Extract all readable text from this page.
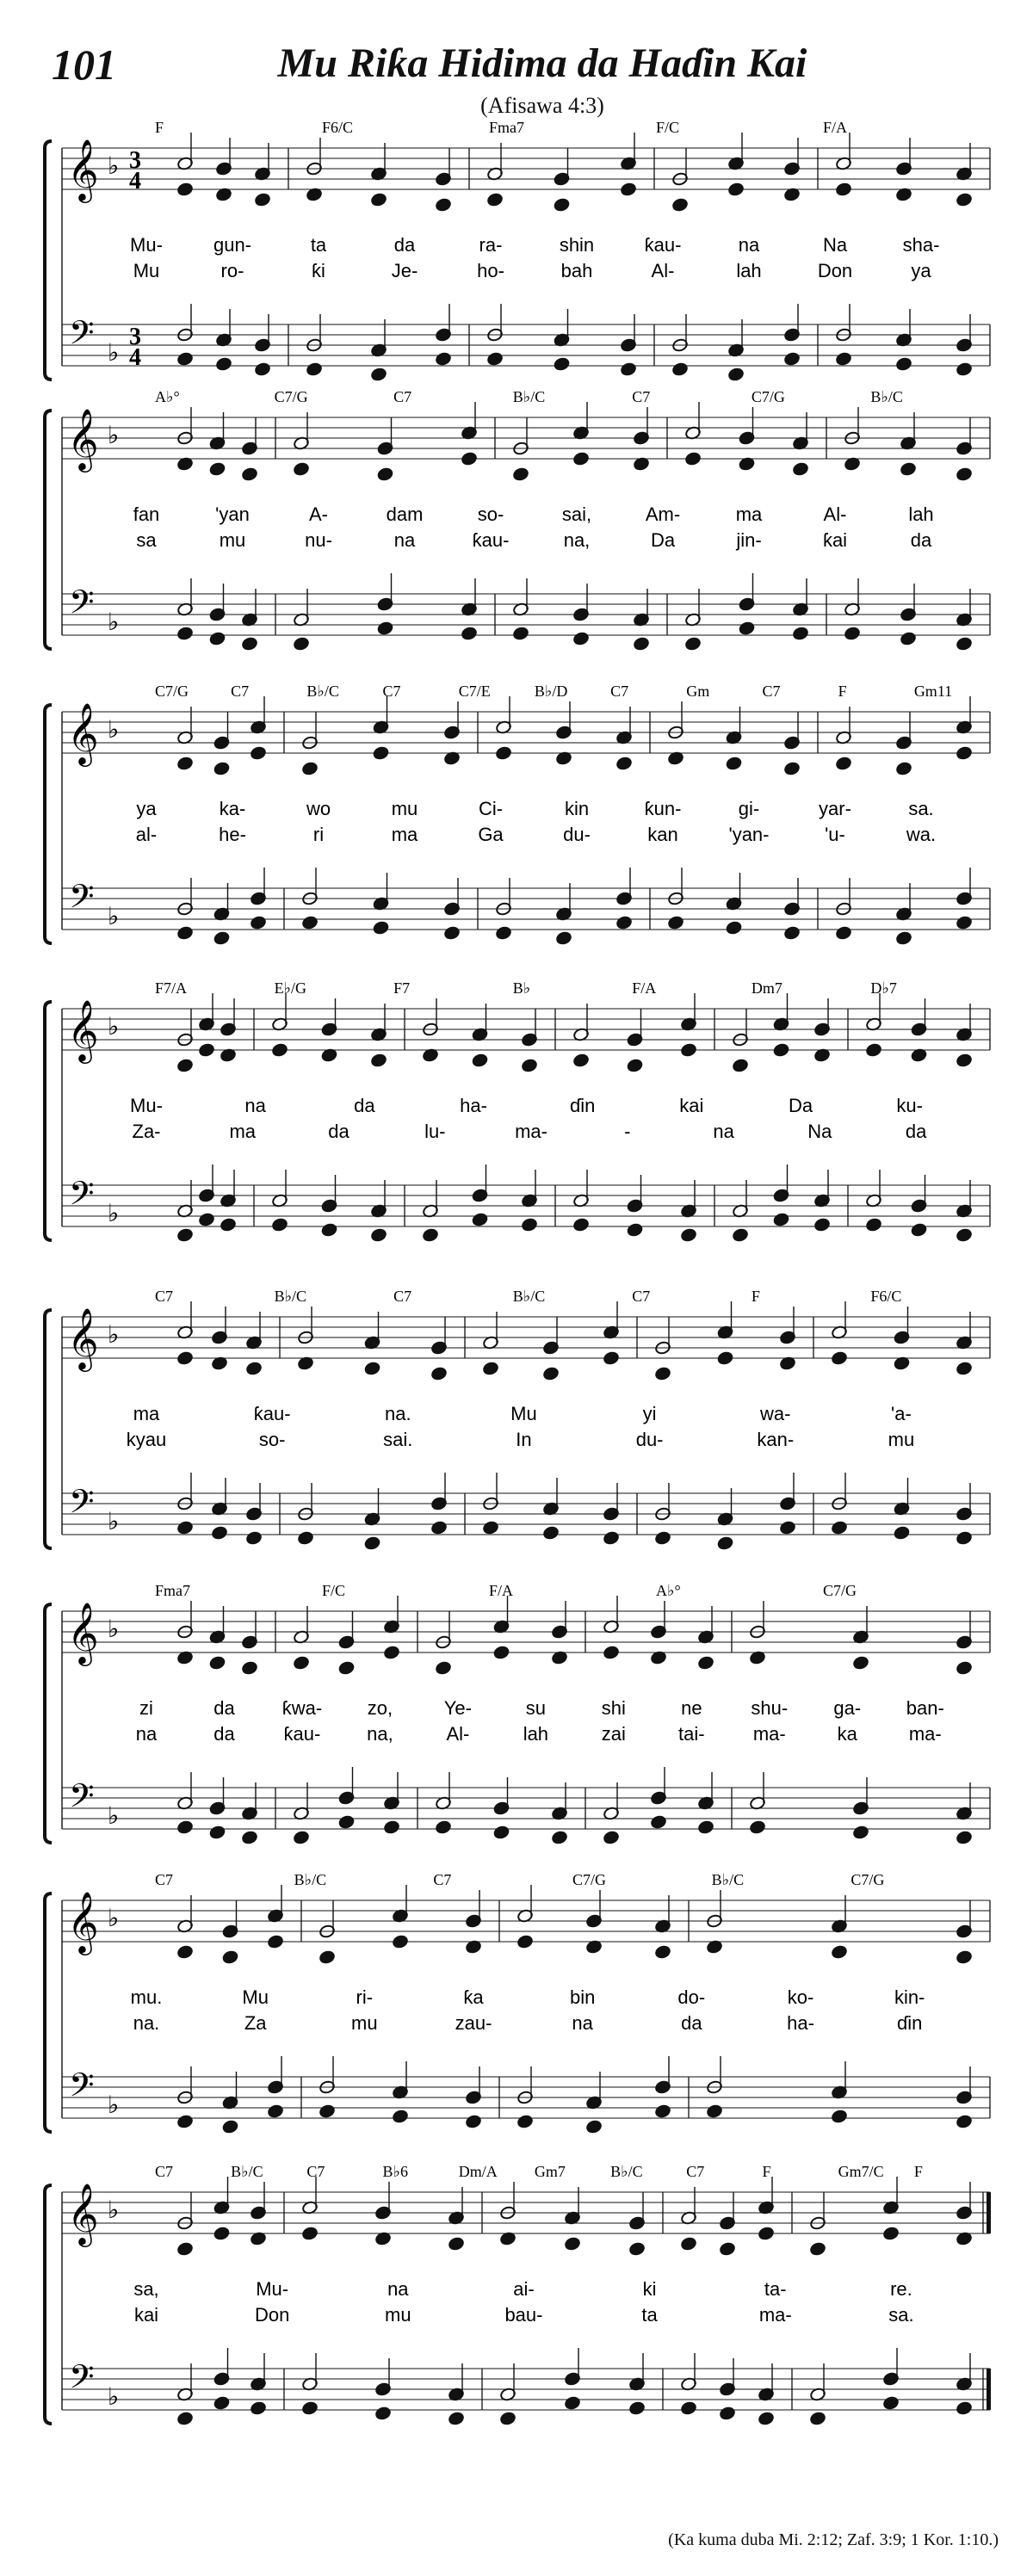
101	Mu Riƙa Hidima da Haɗin Kai
(Afisawa 4:3)
𝄞 ♭ 3
4
𝄢 ♭
3
4
F	F6/C	Fma7	F/C	F/A
Mu-	gun-	ta	da	ra-	shin	ƙau-	na	Na	sha-
Mu	ro-	ƙi	Je-	ho-	bah	Al-	lah	Don	ya
𝄞 ♭
𝄢 ♭
A♭°	C7/G	C7	B♭/C	C7	C7/G	B♭/C
fan	'yan	A-	dam	so-	sai,	Am-	ma	Al-	lah
sa	mu	nu-	na	ƙau-	na,	Da	jin-	ƙai	da
𝄞 ♭
𝄢 ♭
C7/G	C7	B♭/C	C7	C7/E	B♭/D	C7	Gm	C7	F	Gm11
ya	ka-	wo	mu	Ci-	kin	ƙun-	gi-	yar-	sa.
al-	he-	ri	ma	Ga	du-	kan	'yan-	'u-	wa.
𝄞 ♭
𝄢 ♭
F7/A	E♭/G	F7	B♭	F/A	Dm7	D♭7
Mu-	na	da	ha-	ɗin	kai	Da	ku-
Za-	ma	da	lu-	ma-	-	na	Na	da
𝄞 ♭
𝄢 ♭
C7	B♭/C	C7	B♭/C	C7	F	F6/C
ma	ƙau-	na.	Mu	yi	wa-	'a-
kyau	so-	sai.	In	du-	kan-	mu
𝄞 ♭
𝄢 ♭
Fma7	F/C	F/A	A♭°	C7/G
zi	da	ƙwa- zo,	Ye-	su	shi	ne	shu- ga- ban-
na	da	ƙau- na,	Al-	lah	zai	tai-	ma-	ka	ma-
𝄞 ♭
𝄢 ♭
C7	B♭/C	C7	C7/G	B♭/C	C7/G
mu.	Mu	ri-	ƙa	bin	do-	ko-	kin-
na.	Za	mu	zau-	na	da	ha-	ɗin
𝄞 ♭
𝄢 ♭
C7	B♭/C	C7	B♭6	Dm/A Gm7	B♭/C	C7	F	Gm7/C F
sa,	Mu-	na	ai-	ki	ta-	re.
kai	Don	mu	bau-	ta	ma-	sa.
(Ka kuma duba Mi. 2:12; Zaf. 3:9; 1 Kor. 1:10.)
